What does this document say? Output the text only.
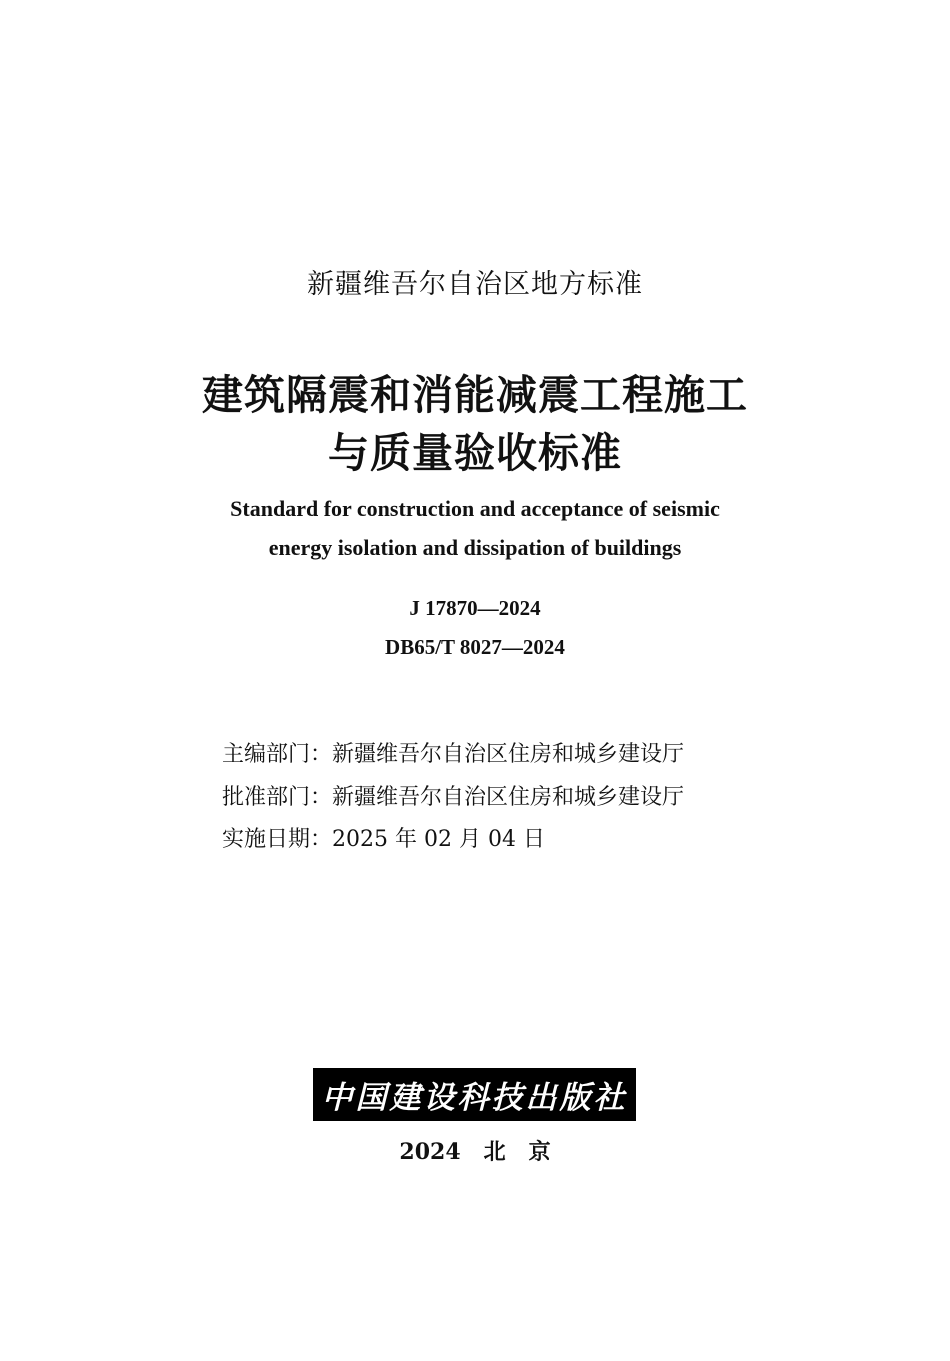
新疆维吾尔自治区地方标准
建筑隔震和消能减震工程施工
与质量验收标准
Standard for construction and acceptance of seismic
energy isolation and dissipation of buildings
J 17870—2024
DB65/T 8027—2024
主编部门：新疆维吾尔自治区住房和城乡建设厅
批准部门：新疆维吾尔自治区住房和城乡建设厅
实施日期：2025 年 02 月 04 日
中国建设科技出版社
2024   北   京
